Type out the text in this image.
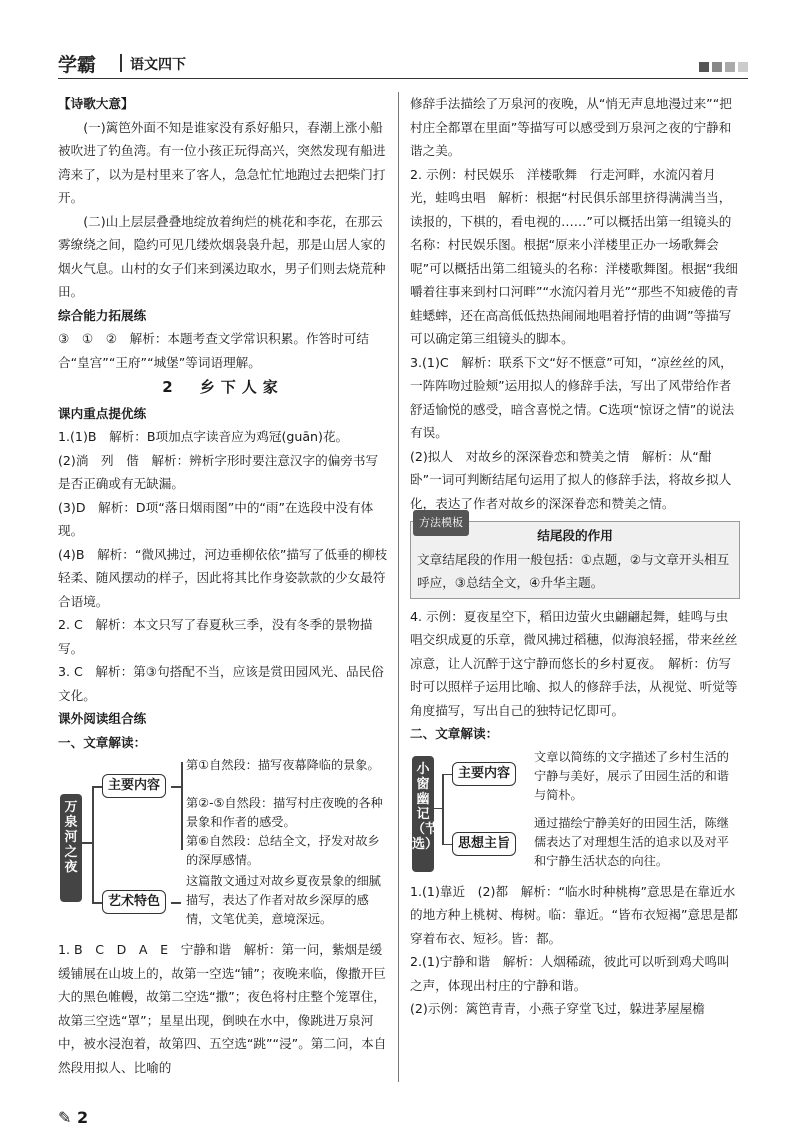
学霸 语文四下

【诗歌大意】

(一)篱笆外面不知是谁家没有系好船只，春潮上涨小船被吹进了钓鱼湾。有一位小孩正玩得高兴，突然发现有船进湾来了，以为是村里来了客人，急急忙忙地跑过去把柴门打开。

(二)山上层层叠叠地绽放着绚烂的桃花和李花，在那云雾缭绕之间，隐约可见几缕炊烟袅袅升起，那是山居人家的烟火气息。山村的女子们来到溪边取水，男子们则去烧荒种田。

综合能力拓展练

③　①　②　解析：本题考查文学常识积累。作答时可结合“皇宫”“王府”“城堡”等词语理解。

2　乡下人家

课内重点提优练

1.(1)B　解析：B项加点字读音应为鸡冠(guān)花。

(2)淌　列　偕　解析：辨析字形时要注意汉字的偏旁书写是否正确或有无缺漏。

(3)D　解析：D项“落日烟雨图”中的“雨”在选段中没有体现。

(4)B　解析：“微风拂过，河边垂柳依依”描写了低垂的柳枝轻柔、随风摆动的样子，因此将其比作身姿款款的少女最符合语境。

2. C　解析：本文只写了春夏秋三季，没有冬季的景物描写。

3. C　解析：第③句搭配不当，应该是赏田园风光、品民俗文化。

课外阅读组合练

一、文章解读：

万泉河之夜
主要内容
艺术特色
第①自然段：描写夜幕降临的景象。
第②-⑤自然段：描写村庄夜晚的各种景象和作者的感受。
第⑥自然段：总结全文，抒发对故乡的深厚感情。
这篇散文通过对故乡夏夜景象的细腻描写，表达了作者对故乡深厚的感情，文笔优美，意境深远。

1. B　C　D　A　E　宁静和谐　解析：第一问，紫烟是缓缓铺展在山坡上的，故第一空选“铺”；夜晚来临，像撒开巨大的黑色帷幔，故第二空选“撒”；夜色将村庄整个笼罩住，故第三空选“罩”；星星出现，倒映在水中，像跳进万泉河中，被水浸泡着，故第四、五空选“跳”“浸”。第二问，本自然段用拟人、比喻的

修辞手法描绘了万泉河的夜晚，从“悄无声息地漫过来”“把村庄全都罩在里面”等描写可以感受到万泉河之夜的宁静和谐之美。

2. 示例：村民娱乐　洋楼歌舞　行走河畔，水流闪着月光，蛙鸣虫唱　解析：根据“村民俱乐部里挤得满满当当，读报的，下棋的，看电视的……”可以概括出第一组镜头的名称：村民娱乐图。根据“原来小洋楼里正办一场歌舞会呢”可以概括出第二组镜头的名称：洋楼歌舞图。根据“我细嚼着往事来到村口河畔”“水流闪着月光”“那些不知疲倦的青蛙蟋蟀，还在高高低低热热闹闹地唱着抒情的曲调”等描写可以确定第三组镜头的脚本。

3.(1)C　解析：联系下文“好不惬意”可知，“凉丝丝的风，一阵阵吻过脸颊”运用拟人的修辞手法，写出了风带给作者舒适愉悦的感受，暗含喜悦之情。C选项“惊讶之情”的说法有误。

(2)拟人　对故乡的深深眷恋和赞美之情　解析：从“酣卧”一词可判断结尾句运用了拟人的修辞手法，将故乡拟人化，表达了作者对故乡的深深眷恋和赞美之情。

方法模板

结尾段的作用

文章结尾段的作用一般包括：①点题，②与文章开头相互呼应，③总结全文，④升华主题。

4. 示例：夏夜星空下，稻田边萤火虫翩翩起舞，蛙鸣与虫唱交织成夏的乐章，微风拂过稻穗，似海浪轻摇，带来丝丝凉意，让人沉醉于这宁静而悠长的乡村夏夜。　解析：仿写时可以照样子运用比喻、拟人的修辞手法，从视觉、听觉等角度描写，写出自己的独特记忆即可。

二、文章解读：

小窗幽记（节选）
主要内容
思想主旨
文章以简练的文字描述了乡村生活的宁静与美好，展示了田园生活的和谐与简朴。
通过描绘宁静美好的田园生活，陈继儒表达了对理想生活的追求以及对平和宁静生活状态的向往。

1.(1)靠近　(2)都　解析：“临水时种桃梅”意思是在靠近水的地方种上桃树、梅树。临：靠近。“皆布衣短褐”意思是都穿着布衣、短衫。皆：都。

2.(1)宁静和谐　解析：人烟稀疏，彼此可以听到鸡犬鸣叫之声，体现出村庄的宁静和谐。

(2)示例：篱笆青青，小燕子穿堂飞过，躲进茅屋屋檐

✎ 2
